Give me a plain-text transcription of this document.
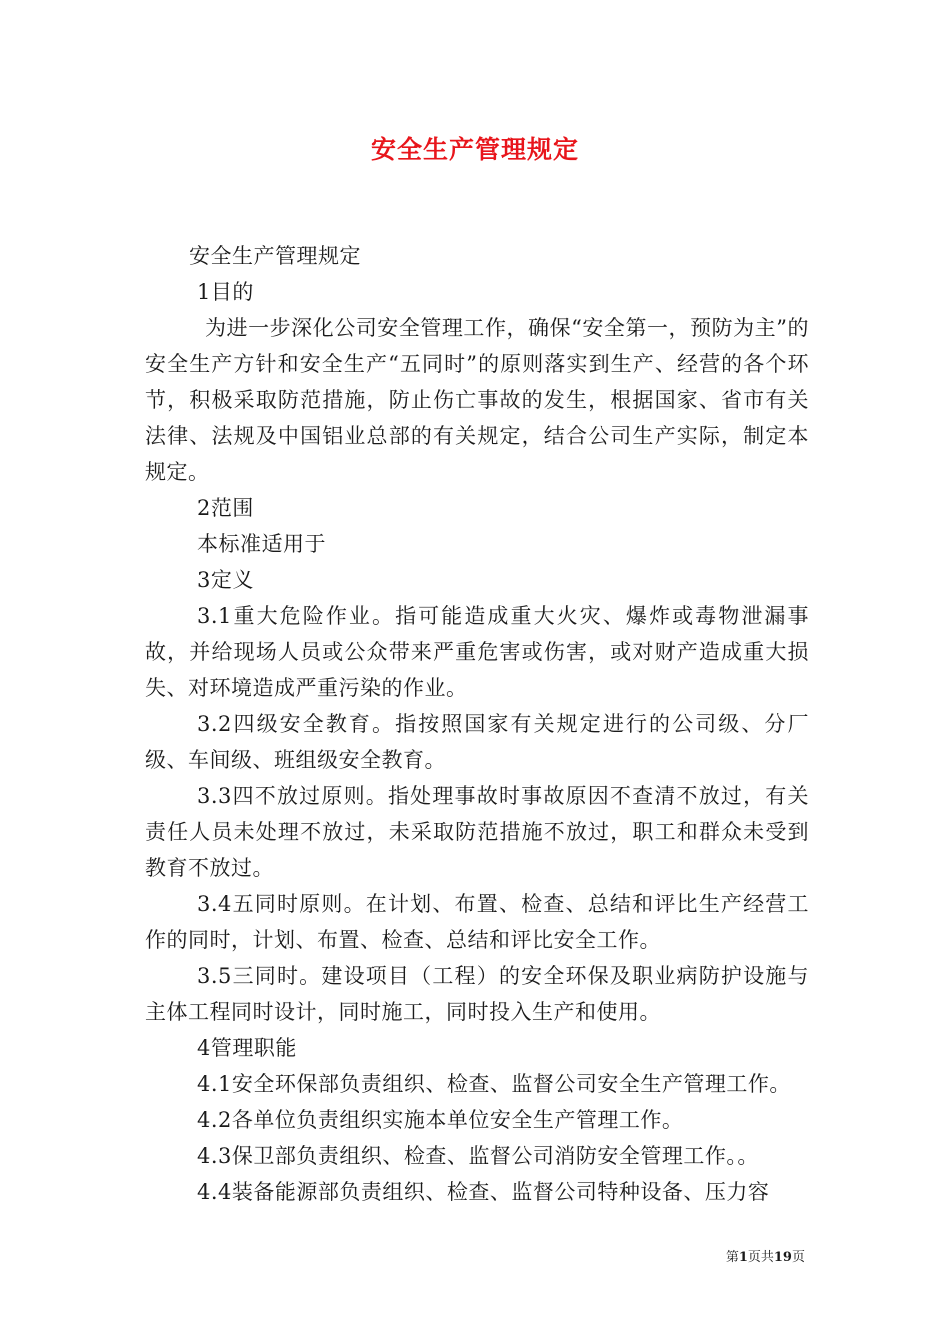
安全生产管理规定

安全生产管理规定

1目的

为进一步深化公司安全管理工作，确保“安全第一，预防为主”的安全生产方针和安全生产“五同时”的原则落实到生产、经营的各个环节，积极采取防范措施，防止伤亡事故的发生，根据国家、省市有关法律、法规及中国铝业总部的有关规定，结合公司生产实际，制定本规定。

2范围

本标准适用于

3定义

3.1重大危险作业。指可能造成重大火灾、爆炸或毒物泄漏事故，并给现场人员或公众带来严重危害或伤害，或对财产造成重大损失、对环境造成严重污染的作业。

3.2四级安全教育。指按照国家有关规定进行的公司级、分厂级、车间级、班组级安全教育。

3.3四不放过原则。指处理事故时事故原因不查清不放过，有关责任人员未处理不放过，未采取防范措施不放过，职工和群众未受到教育不放过。

3.4五同时原则。在计划、布置、检查、总结和评比生产经营工作的同时，计划、布置、检查、总结和评比安全工作。

3.5三同时。建设项目（工程）的安全环保及职业病防护设施与主体工程同时设计，同时施工，同时投入生产和使用。

4管理职能

4.1安全环保部负责组织、检查、监督公司安全生产管理工作。

4.2各单位负责组织实施本单位安全生产管理工作。

4.3保卫部负责组织、检查、监督公司消防安全管理工作。。

4.4装备能源部负责组织、检查、监督公司特种设备、压力容

第1页共19页
